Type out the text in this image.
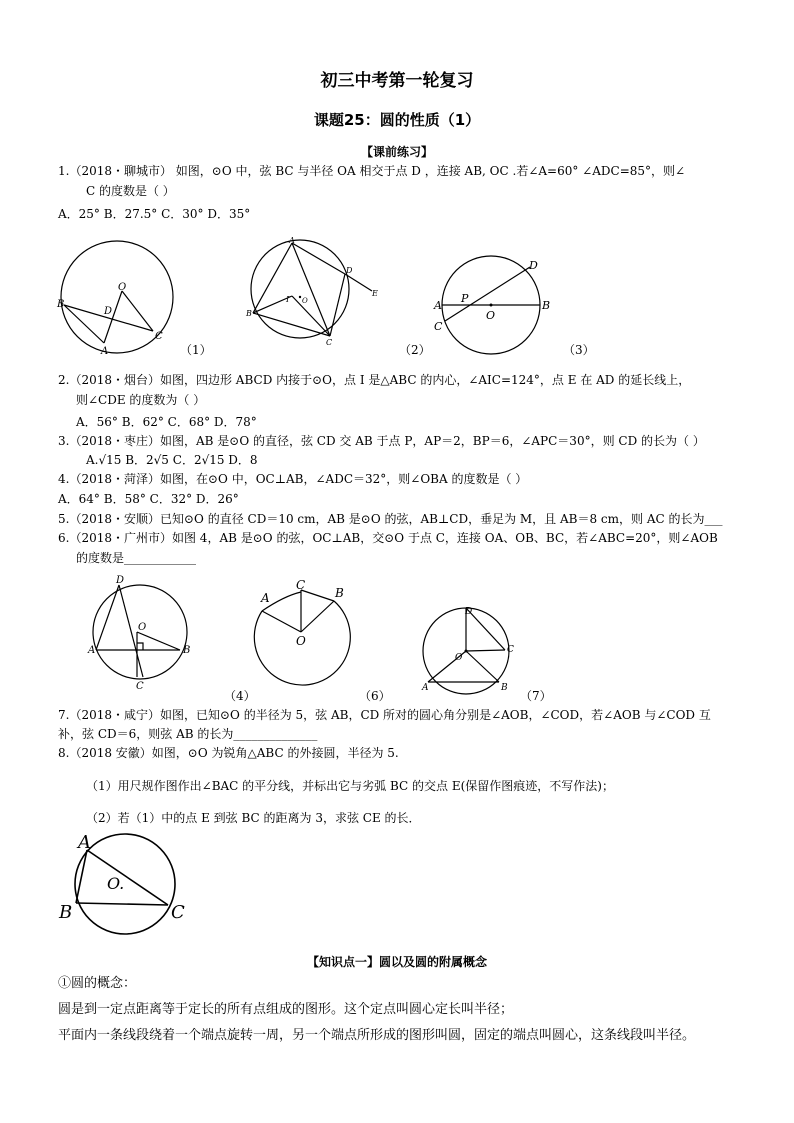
初三中考第一轮复习
课题25：圆的性质（1）
【课前练习】
1.（2018・聊城市） 如图，⊙O 中，弦 BC 与半径 OA 相交于点 D ，连接 AB, OC .若∠A=60° ∠ADC=85°，则∠
C 的度数是（ ）
A．25° B．27.5° C．30° D．35°
O
B
D
A
C
A
D
E
I O
B
C
D
A
P
B
O
C
（1）	（2）	（3）
2.（2018・烟台）如图，四边形 ABCD 内接于⊙O，点 I 是△ABC 的内心，∠AIC=124°，点 E 在 AD 的延长线上，
则∠CDE 的度数为（ ）
A．56° B．62° C．68° D．78°
3.（2018・枣庄）如图，AB 是⊙O 的直径，弦 CD 交 AB 于点 P，AP＝2，BP＝6，∠APC＝30°，则 CD 的长为（ ）
A.√15 B．2√5 C．2√15 D．8
4.（2018・菏泽）如图，在⊙O 中，OC⊥AB，∠ADC＝32°，则∠OBA 的度数是（ ）
A．64° B．58° C．32° D．26°
5.（2018・安顺）已知⊙O 的直径 CD＝10 cm，AB 是⊙O 的弦，AB⊥CD，垂足为 M，且 AB＝8 cm，则 AC 的长为___
6.（2018・广州市）如图 4，AB 是⊙O 的弦，OC⊥AB，交⊙O 于点 C，连接 OA、OB、BC，若∠ABC=20°，则∠AOB
的度数是____________
D
O
A	B
C
C
A	B
O
D
C
O
A	B
（4）	（6）	（7）
7.（2018・咸宁）如图，已知⊙O 的半径为 5，弦 AB，CD 所对的圆心角分别是∠AOB，∠COD，若∠AOB 与∠COD 互
补，弦 CD＝6，则弦 AB 的长为______________
8.（2018 安徽）如图，⊙O 为锐角△ABC 的外接圆，半径为 5.
（1）用尺规作图作出∠BAC 的平分线，并标出它与劣弧 BC 的交点 E(保留作图痕迹，不写作法)；
（2）若（1）中的点 E 到弦 BC 的距离为 3，求弦 CE 的长．
A
B	C
O.
【知识点一】圆以及圆的附属概念
①圆的概念：
圆是到一定点距离等于定长的所有点组成的图形。这个定点叫圆心定长叫半径；
平面内一条线段绕着一个端点旋转一周，另一个端点所形成的图形叫圆，固定的端点叫圆心，这条线段叫半径。
